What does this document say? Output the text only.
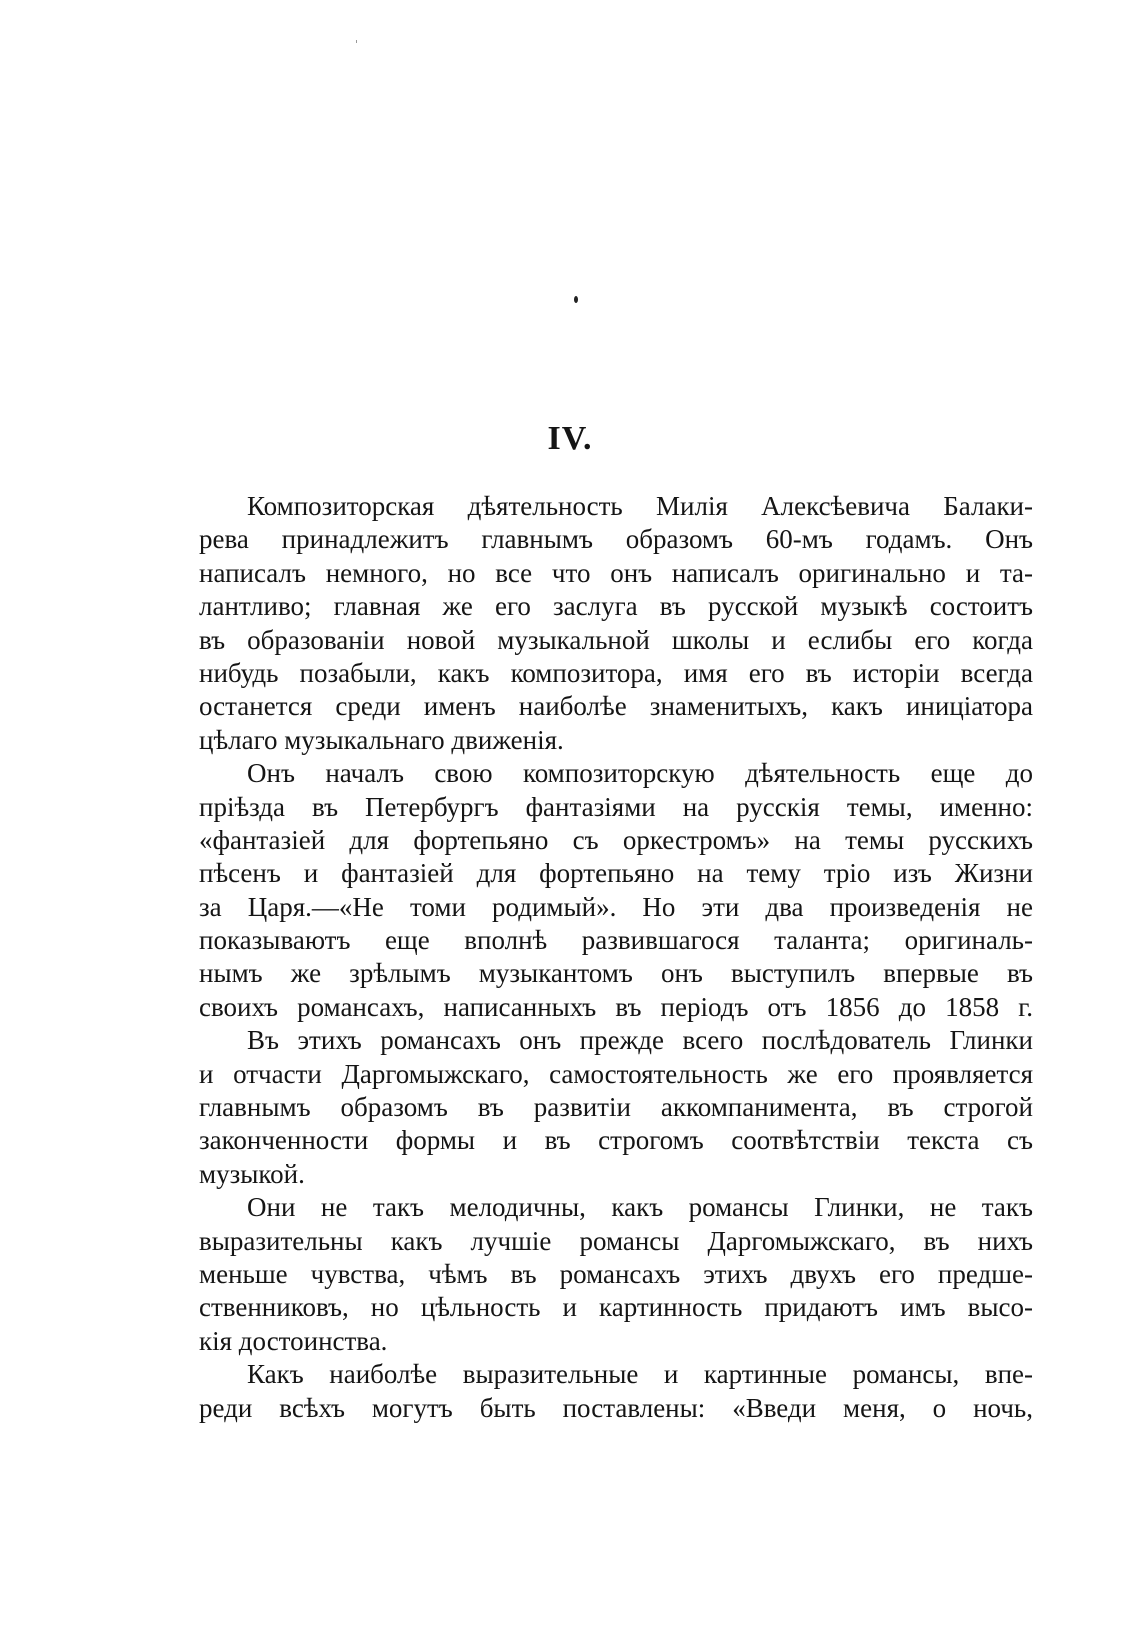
IV.
Композиторская дѣятельность Милія Алексѣевича Балаки-
рева принадлежитъ главнымъ образомъ 60-мъ годамъ. Онъ
написалъ немного, но все что онъ написалъ оригинально и та-
лантливо; главная же его заслуга въ русской музыкѣ состоитъ
въ образованіи новой музыкальной школы и еслибы его когда
нибудь позабыли, какъ композитора, имя его въ исторіи всегда
останется среди именъ наиболѣе знаменитыхъ, какъ иниціатора
цѣлаго музыкальнаго движенія.
Онъ началъ свою композиторскую дѣятельность еще до
пріѣзда въ Петербургъ фантазіями на русскія темы, именно:
«фантазіей для фортепьяно съ оркестромъ» на темы русскихъ
пѣсенъ и фантазіей для фортепьяно на тему тріо изъ Жизни
за Царя.—«Не томи родимый». Но эти два произведенія не
показываютъ еще вполнѣ развившагося таланта; оригиналь-
нымъ же зрѣлымъ музыкантомъ онъ выступилъ впервые въ
своихъ романсахъ, написанныхъ въ періодъ отъ 1856 до 1858 г.
Въ этихъ романсахъ онъ прежде всего послѣдователь Глинки
и отчасти Даргомыжскаго, самостоятельность же его проявляется
главнымъ образомъ въ развитіи аккомпанимента, въ строгой
законченности формы и въ строгомъ соотвѣтствіи текста съ
музыкой.
Они не такъ мелодичны, какъ романсы Глинки, не такъ
выразительны какъ лучшіе романсы Даргомыжскаго, въ нихъ
меньше чувства, чѣмъ въ романсахъ этихъ двухъ его предше-
ственниковъ, но цѣльность и картинность придаютъ имъ высо-
кія достоинства.
Какъ наиболѣе выразительные и картинные романсы, впе-
реди всѣхъ могутъ быть поставлены: «Введи меня, о ночь,
